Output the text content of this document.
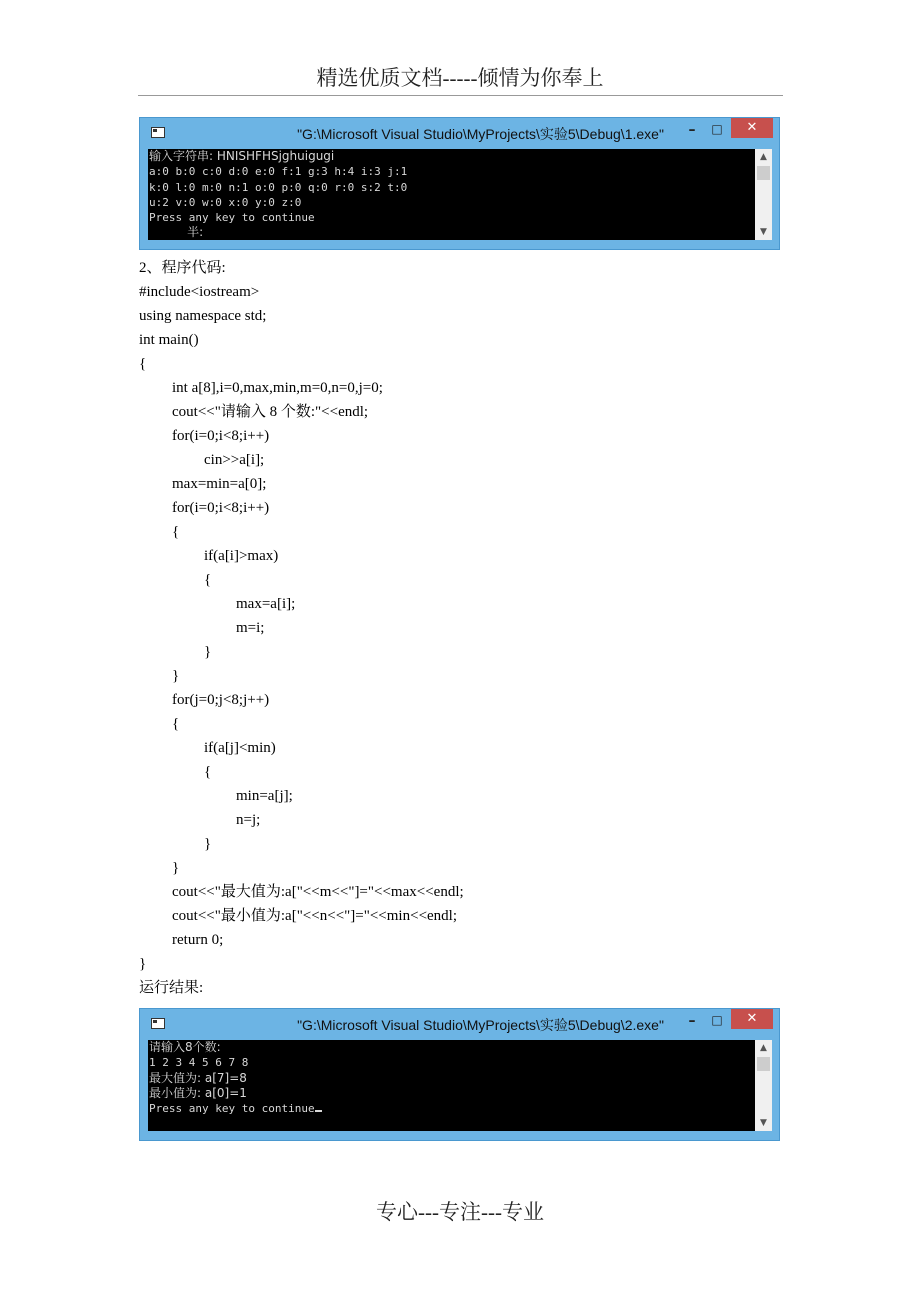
精选优质文档-----倾情为你奉上
"G:\Microsoft Visual Studio\MyProjects\实验5\Debug\1.exe"	–	□	✕
输入字符串: HNISHFHSjghuigugi
a:0 b:0 c:0 d:0 e:0 f:1 g:3 h:4 i:3 j:1
k:0 l:0 m:0 n:1 o:0 p:0 q:0 r:0 s:2 t:0
u:2 v:0 w:0 x:0 y:0 z:0
Press any key to continue
半:
▲
▼
2、程序代码:
#include<iostream>
using namespace std;
int main()
{
int a[8],i=0,max,min,m=0,n=0,j=0;
cout<<"请输入 8 个数:"<<endl;
for(i=0;i<8;i++)
cin>>a[i];
max=min=a[0];
for(i=0;i<8;i++)
{
if(a[i]>max)
{
max=a[i];
m=i;
}
}
for(j=0;j<8;j++)
{
if(a[j]<min)
{
min=a[j];
n=j;
}
}
cout<<"最大值为:a["<<m<<"]="<<max<<endl;
cout<<"最小值为:a["<<n<<"]="<<min<<endl;
return 0;
}
运行结果:
"G:\Microsoft Visual Studio\MyProjects\实验5\Debug\2.exe"	–	□	✕
请输入8个数:
1 2 3 4 5 6 7 8
最大值为: a[7]=8
最小值为: a[0]=1
Press any key to continue
▲
▼
专心---专注---专业
